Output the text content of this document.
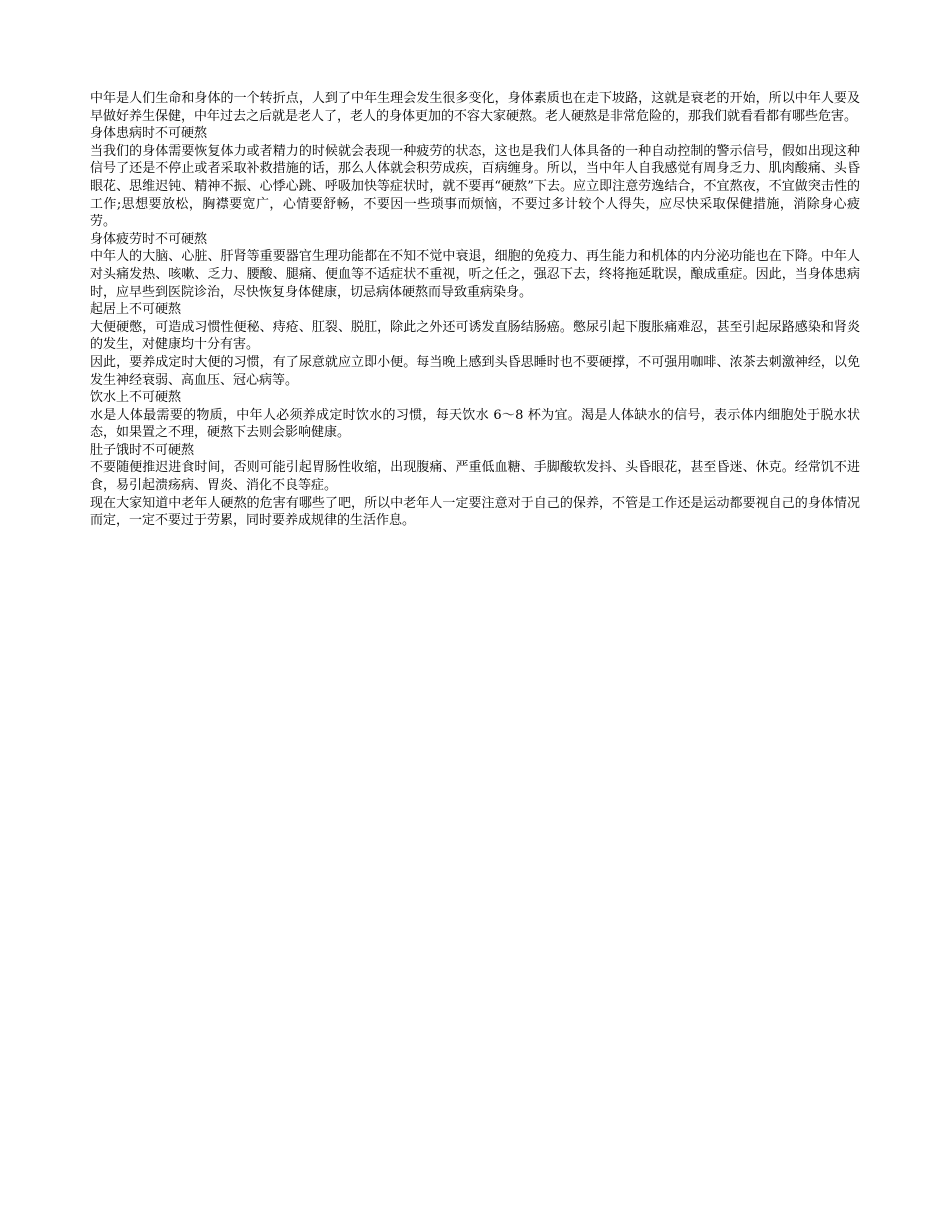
中年是人们生命和身体的一个转折点，人到了中年生理会发生很多变化，身体素质也在走下坡路，这就是衰老的开始，所以中年人要及早做好养生保健，中年过去之后就是老人了，老人的身体更加的不容大家硬熬。老人硬熬是非常危险的，那我们就看看都有哪些危害。

身体患病时不可硬熬

当我们的身体需要恢复体力或者精力的时候就会表现一种疲劳的状态，这也是我们人体具备的一种自动控制的警示信号，假如出现这种信号了还是不停止或者采取补救措施的话，那么人体就会积劳成疾，百病缠身。所以，当中年人自我感觉有周身乏力、肌肉酸痛、头昏眼花、思维迟钝、精神不振、心悸心跳、呼吸加快等症状时，就不要再“硬熬”下去。应立即注意劳逸结合，不宜熬夜，不宜做突击性的工作;思想要放松，胸襟要宽广，心情要舒畅，不要因一些琐事而烦恼，不要过多计较个人得失，应尽快采取保健措施，消除身心疲劳。

身体疲劳时不可硬熬

中年人的大脑、心脏、肝肾等重要器官生理功能都在不知不觉中衰退，细胞的免疫力、再生能力和机体的内分泌功能也在下降。中年人对头痛发热、咳嗽、乏力、腰酸、腿痛、便血等不适症状不重视，听之任之，强忍下去，终将拖延耽误，酿成重症。因此，当身体患病时，应早些到医院诊治，尽快恢复身体健康，切忌病体硬熬而导致重病染身。

起居上不可硬熬

大便硬憋，可造成习惯性便秘、痔疮、肛裂、脱肛，除此之外还可诱发直肠结肠癌。憋尿引起下腹胀痛难忍，甚至引起尿路感染和肾炎的发生，对健康均十分有害。

因此，要养成定时大便的习惯，有了尿意就应立即小便。每当晚上感到头昏思睡时也不要硬撑，不可强用咖啡、浓茶去刺激神经，以免发生神经衰弱、高血压、冠心病等。

饮水上不可硬熬

水是人体最需要的物质，中年人必须养成定时饮水的习惯，每天饮水 6～8 杯为宜。渴是人体缺水的信号，表示体内细胞处于脱水状态，如果置之不理，硬熬下去则会影响健康。

肚子饿时不可硬熬

不要随便推迟进食时间，否则可能引起胃肠性收缩，出现腹痛、严重低血糖、手脚酸软发抖、头昏眼花，甚至昏迷、休克。经常饥不进食，易引起溃疡病、胃炎、消化不良等症。

现在大家知道中老年人硬熬的危害有哪些了吧，所以中老年人一定要注意对于自己的保养，不管是工作还是运动都要视自己的身体情况而定，一定不要过于劳累，同时要养成规律的生活作息。
